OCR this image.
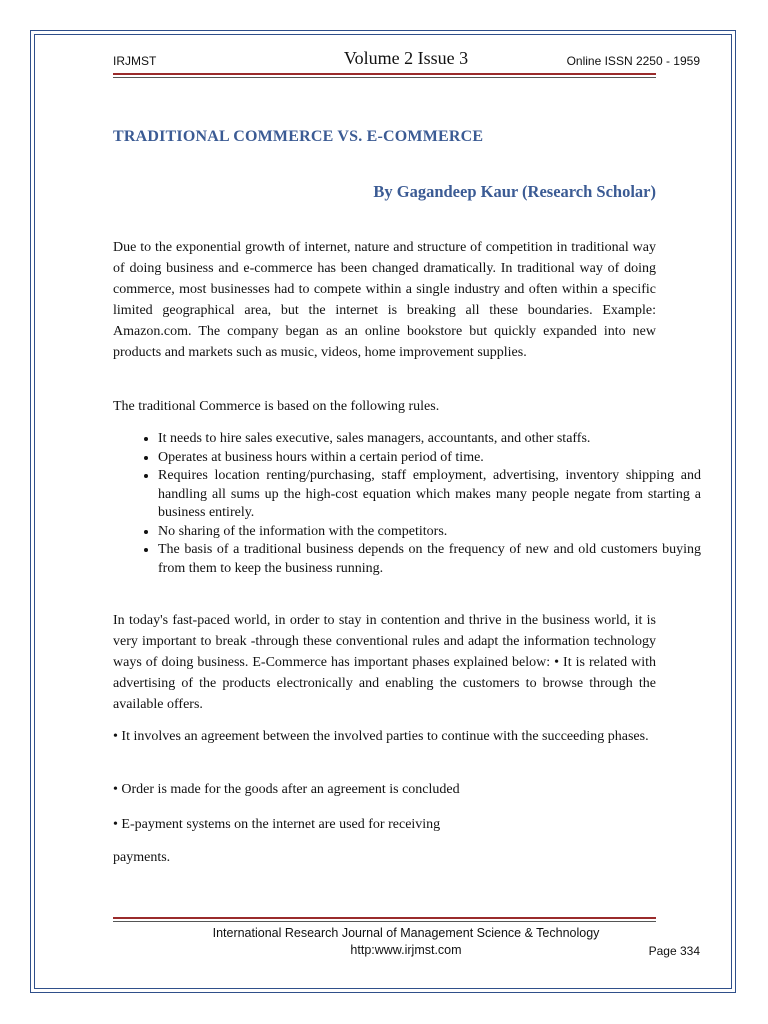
IRJMST	Volume 2 Issue 3	Online ISSN 2250 - 1959
TRADITIONAL COMMERCE VS. E-COMMERCE
By Gagandeep Kaur (Research Scholar)

Due to the exponential growth of internet, nature and structure of competition in traditional way of doing business and e-commerce has been changed dramatically. In traditional way of doing commerce, most businesses had to compete within a single industry and often within a specific limited geographical area, but the internet is breaking all these boundaries. Example: Amazon.com. The company began as an online bookstore but quickly expanded into new products and markets such as music, videos, home improvement supplies.

The traditional Commerce is based on the following rules.

• It needs to hire sales executive, sales managers, accountants, and other staffs.
• Operates at business hours within a certain period of time.
• Requires location renting/purchasing, staff employment, advertising, inventory shipping and handling all sums up the high-cost equation which makes many people negate from starting a business entirely.
• No sharing of the information with the competitors.
• The basis of a traditional business depends on the frequency of new and old customers buying from them to keep the business running.

In today's fast-paced world, in order to stay in contention and thrive in the business world, it is very important to break -through these conventional rules and adapt the information technology ways of doing business. E-Commerce has important phases explained below: • It is related with advertising of the products electronically and enabling the customers to browse through the available offers.

• It involves an agreement between the involved parties to continue with the succeeding phases.

• Order is made for the goods after an agreement is concluded

• E-payment systems on the internet are used for receiving

payments.

International Research Journal of Management Science & Technology
http:www.irjmst.com	Page 334
